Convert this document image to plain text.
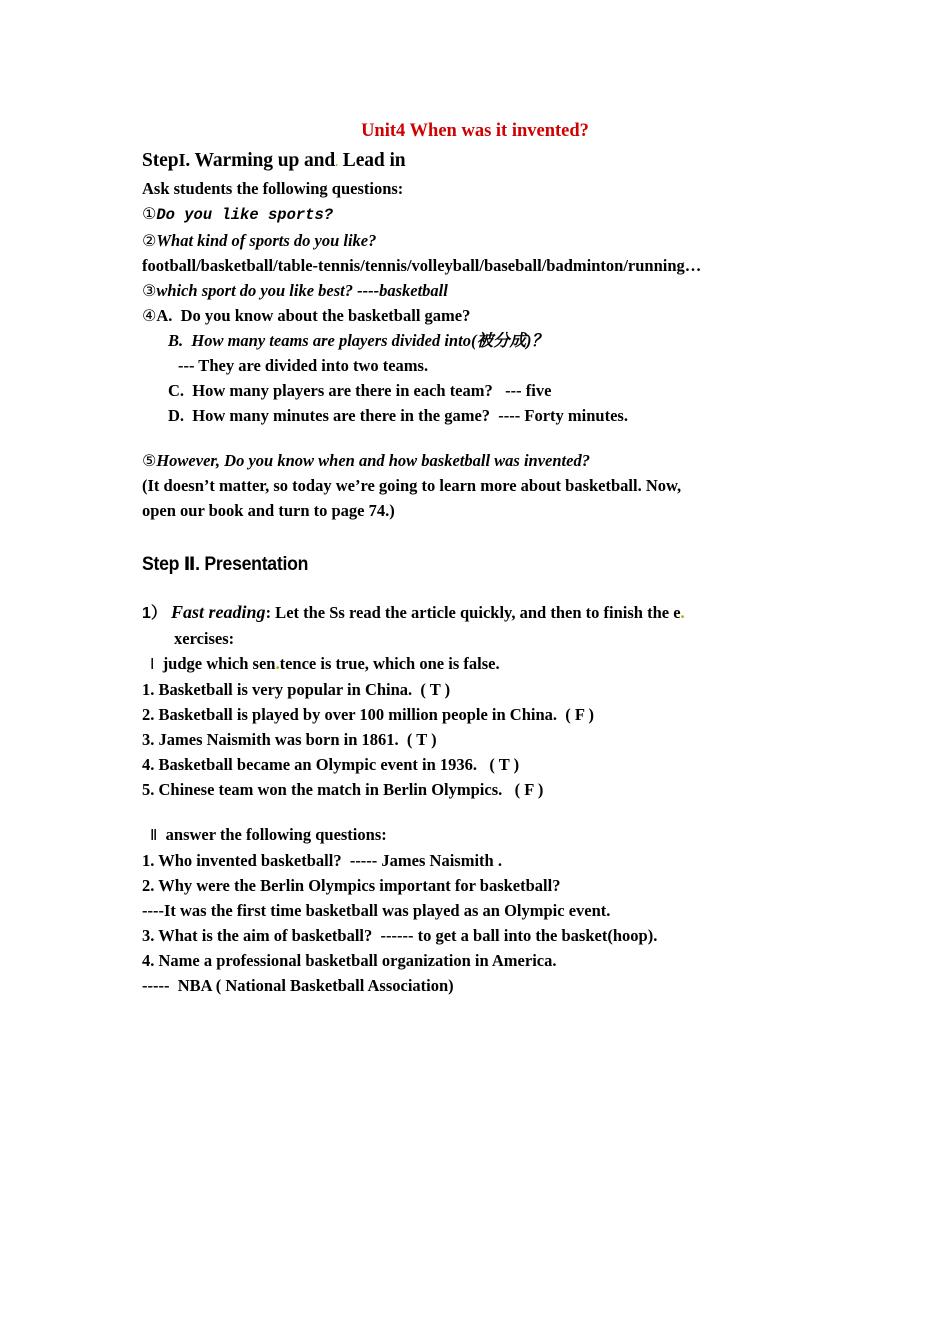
Unit4 When was it invented?
StepI. Warming up and. Lead in
Ask students the following questions:
①Do you like sports?
②What kind of sports do you like?
football/basketball/table-tennis/tennis/volleyball/baseball/badminton/running…
③which sport do you like best? ----basketball
④A.  Do you know about the basketball game?
B.  How many teams are players divided into(被分成)？
--- They are divided into two teams.
C.  How many players are there in each team?   --- five
D.  How many minutes are there in the game?  ---- Forty minutes.
⑤However, Do you know when and how basketball was invented?
(It doesn’t matter, so today we’re going to learn more about basketball. Now,
open our book and turn to page 74.)
Step Ⅱ. Presentation
1） Fast reading: Let the Ss read the article quickly, and then to finish the e.
xercises:
Ⅰ judge which sen.tence is true, which one is false.
1. Basketball is very popular in China.  ( T )
2. Basketball is played by over 100 million people in China.  ( F )
3. James Naismith was born in 1861.  ( T )
4. Basketball became an Olympic event in 1936.   ( T )
5. Chinese team won the match in Berlin Olympics.   ( F )
Ⅱ answer the following questions:
1. Who invented basketball?  ----- James Naismith .
2. Why were the Berlin Olympics important for basketball?
----It was the first time basketball was played as an Olympic event.
3. What is the aim of basketball?  ------ to get a ball into the basket(hoop).
4. Name a professional basketball organization in America.
-----  NBA ( National Basketball Association)
